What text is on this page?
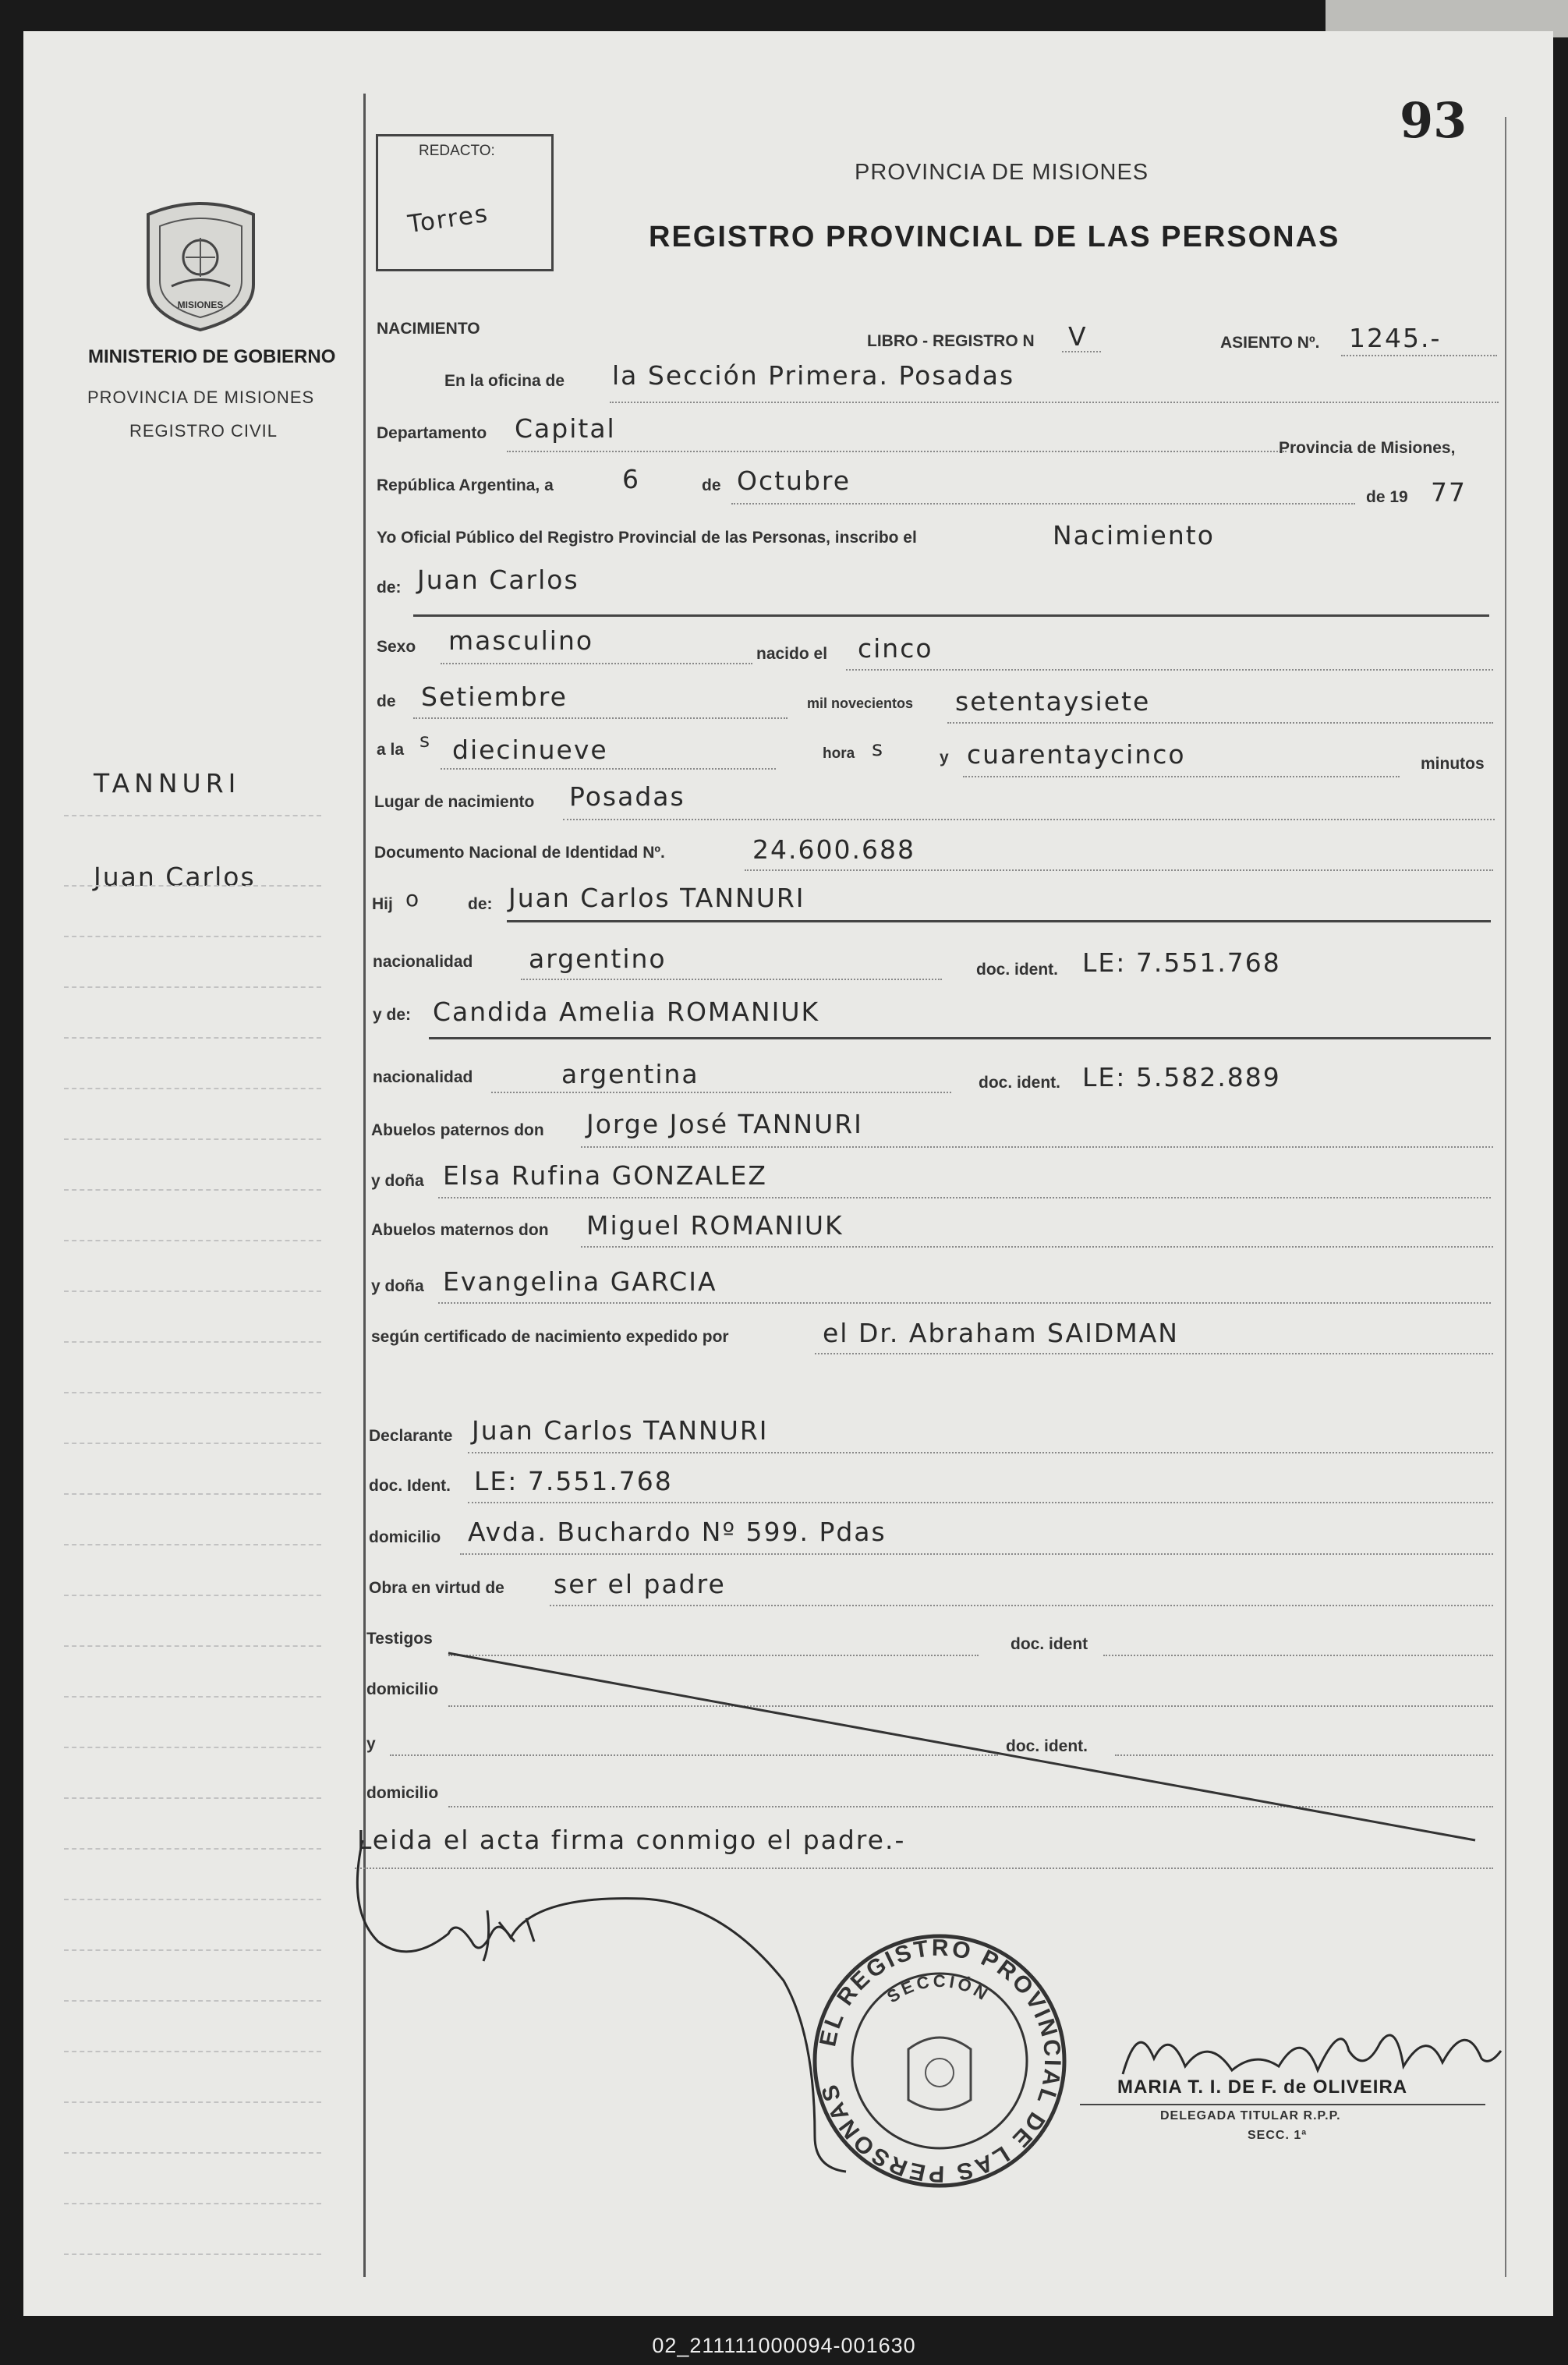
MISIONES
MINISTERIO DE GOBIERNO
PROVINCIA DE MISIONES
REGISTRO CIVIL
TANNURI
Juan Carlos
93
REDACTO:
Torres
PROVINCIA DE MISIONES
REGISTRO PROVINCIAL DE LAS PERSONAS
NACIMIENTO
LIBRO - REGISTRO N V	ASIENTO Nº. 1245.-
En la oficina de la Sección Primera. Posadas
Departamento Capital
Provincia de Misiones,
República Argentina, a	6	de Octubre
de 19 77
Yo Oficial Público del Registro Provincial de las Personas, inscribo el	Nacimiento
de: Juan Carlos
Sexo masculino	nacido el cinco
de Setiembre	mil novecientos setentaysiete
a la s diecinueve	hora s	y cuarentaycinco	minutos
Lugar de nacimiento Posadas
Documento Nacional de Identidad Nº.	24.600.688
Hij o	de: Juan Carlos TANNURI
nacionalidad argentino	doc. ident. LE: 7.551.768
y de: Candida Amelia ROMANIUK
nacionalidad	argentina	doc. ident. LE: 5.582.889
Abuelos paternos don Jorge José TANNURI
y doña Elsa Rufina GONZALEZ
Abuelos maternos don Miguel ROMANIUK
y doña Evangelina GARCIA
según certificado de nacimiento expedido por	el Dr. Abraham SAIDMAN
Declarante Juan Carlos TANNURI
doc. Ident. LE: 7.551.768
domicilio Avda. Buchardo Nº 599. Pdas
Obra en virtud de ser el padre
Testigos	doc. ident
domicilio
y	doc. ident.
domicilio
Leida el acta firma conmigo el padre.-
EL REGISTRO PROVINCIAL DE LAS PERSONAS
SECCIÓN
MARIA T. I. DE F. de OLIVEIRA
DELEGADA TITULAR R.P.P.
SECC. 1ª
02_211111000094-001630
